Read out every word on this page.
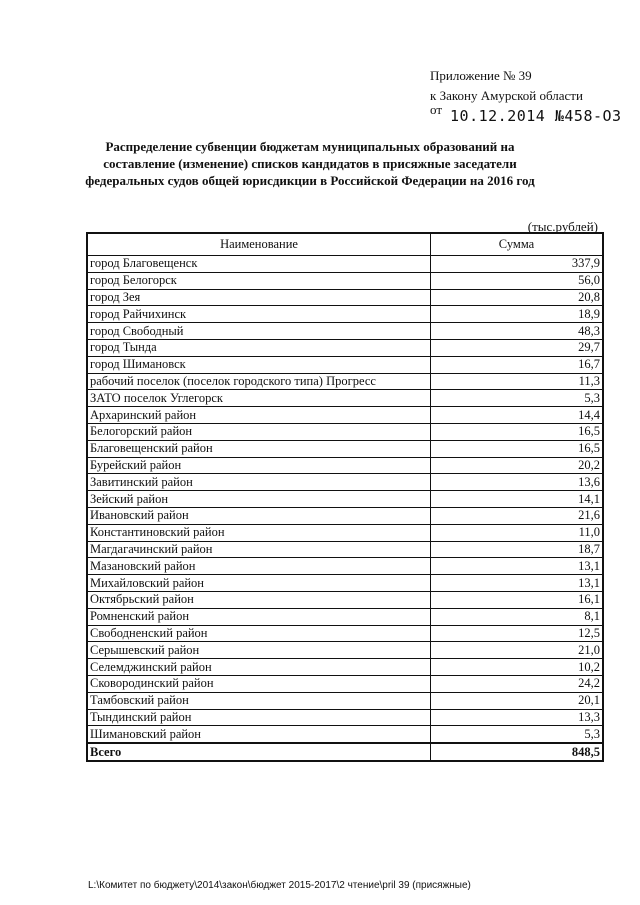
Приложение № 39
к Закону Амурской области
от 10.12.2014 №458-ОЗ
Распределение субвенции бюджетам муниципальных образований на составление (изменение) списков кандидатов в присяжные заседатели федеральных судов общей юрисдикции в Российской Федерации на 2016 год
(тыс.рублей)
Наименование	Сумма
город Благовещенск	337,9
город Белогорск	56,0
город Зея	20,8
город Райчихинск	18,9
город Свободный	48,3
город Тында	29,7
город Шимановск	16,7
рабочий поселок (поселок городского типа) Прогресс	11,3
ЗАТО поселок Углегорск	5,3
Архаринский район	14,4
Белогорский район	16,5
Благовещенский район	16,5
Бурейский район	20,2
Завитинский район	13,6
Зейский район	14,1
Ивановский район	21,6
Константиновский район	11,0
Магдагачинский район	18,7
Мазановский район	13,1
Михайловский район	13,1
Октябрьский район	16,1
Ромненский район	8,1
Свободненский район	12,5
Серышевский район	21,0
Селемджинский район	10,2
Сковородинский район	24,2
Тамбовский район	20,1
Тындинский район	13,3
Шимановский район	5,3
Всего	848,5
L:\Комитет по бюджету\2014\закон\бюджет 2015-2017\2 чтение\pril 39 (присяжные)
